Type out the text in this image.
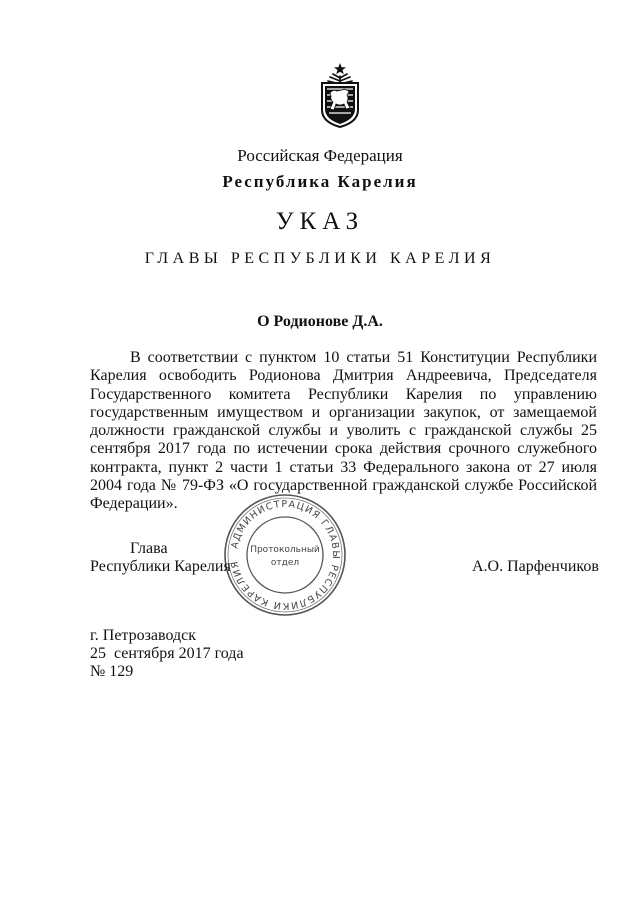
Российская Федерация
Республика Карелия
УКАЗ
ГЛАВЫ РЕСПУБЛИКИ КАРЕЛИЯ
О Родионове Д.А.

В соответствии с пунктом 10 статьи 51 Конституции Республики Карелия освободить Родионова Дмитрия Андреевича, Председателя Государственного комитета Республики Карелия по управлению государственным имуществом и организации закупок, от замещаемой должности гражданской службы и уволить с гражданской службы 25 сентября 2017 года по истечении срока действия срочного служебного контракта, пункт 2 части 1 статьи 33 Федерального закона от 27 июля 2004 года № 79-ФЗ «О государственной гражданской службе Российской Федерации».

АДМИНИСТРАЦИЯ ГЛАВЫ РЕСПУБЛИКИ КАРЕЛИЯ
Протокольный
отдел
Глава
Республики Карелия	А.О. Парфенчиков
г. Петрозаводск
25  сентября 2017 года
№ 129
